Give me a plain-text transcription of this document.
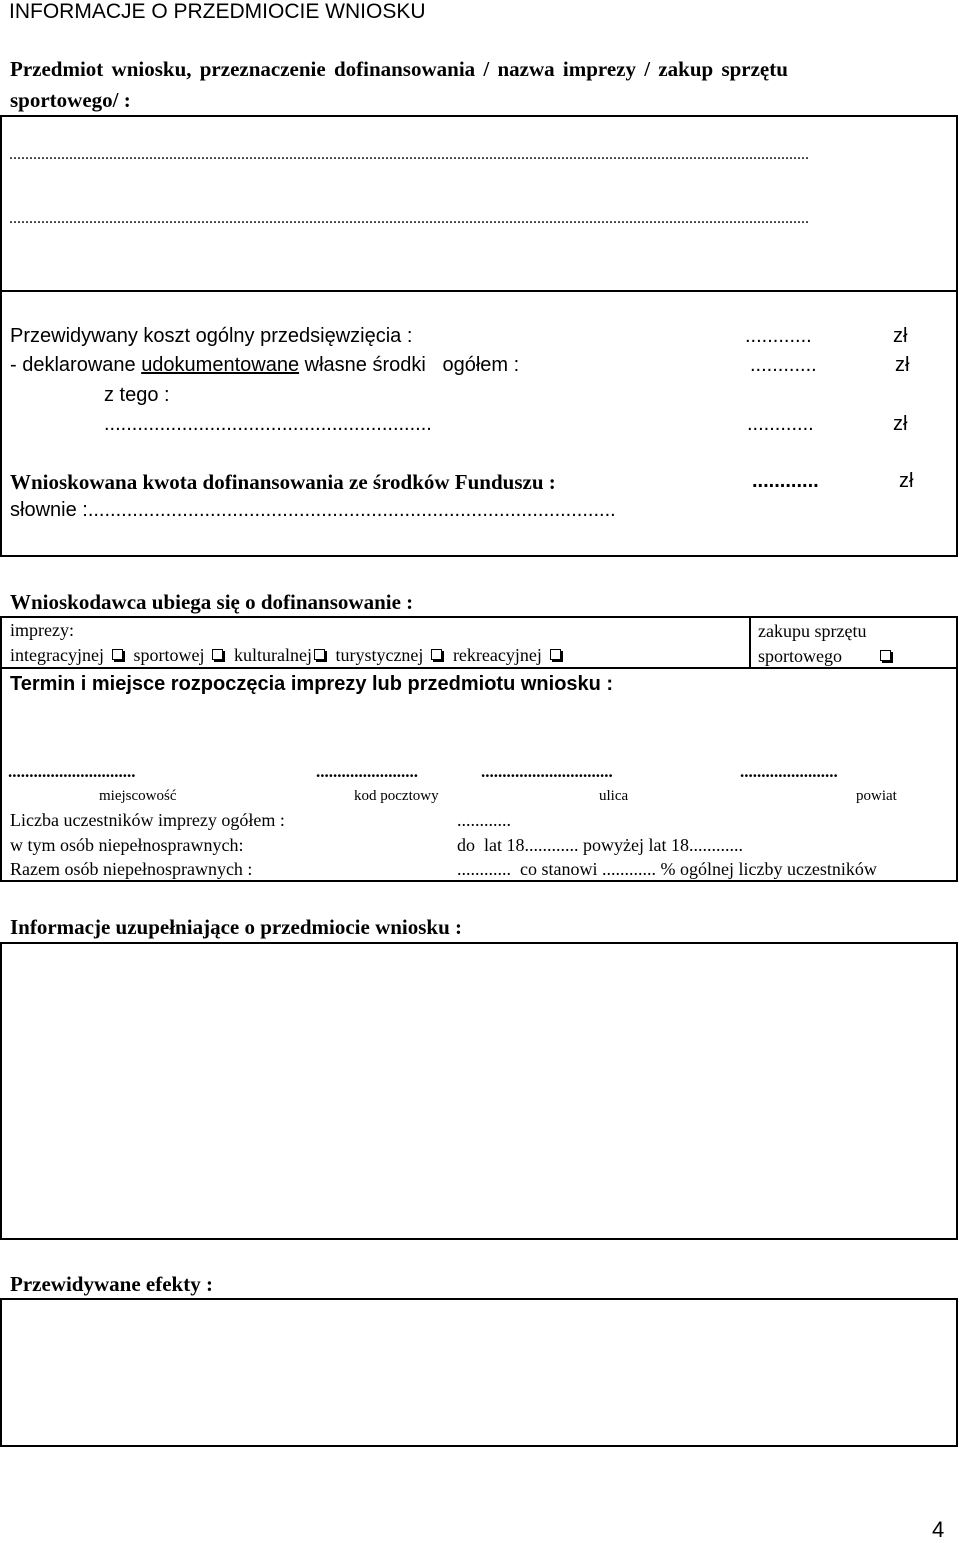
INFORMACJE O PRZEDMIOCIE WNIOSKU
Przedmiot wniosku, przeznaczenie dofinansowania / nazwa imprezy / zakup sprzętu
sportowego/ :
........................................................................................................................................................................................................
........................................................................................................................................................................................................
Przewidywany koszt ogólny przedsięwzięcia :	............	zł
- deklarowane udokumentowane własne środki   ogółem :	............	zł
z tego :
...........................................................	............	zł
Wnioskowana kwota dofinansowania ze środków Funduszu :	............	zł
słownie :...............................................................................................
Wnioskodawca ubiega się o dofinansowanie :
imprezy:
integracyjnej sportowej kulturalnej turystycznej rekreacyjnej
zakupu sprzętu
sportowego
Termin i miejsce rozpoczęcia imprezy lub przedmiotu wniosku :
..............................	........................	...............................	.......................
miejscowość	kod pocztowy	ulica	powiat
Liczba uczestników imprezy ogółem :	............
w tym osób niepełnosprawnych:	do  lat 18............ powyżej lat 18............
Razem osób niepełnosprawnych :	............  co stanowi ............ % ogólnej liczby uczestników
Informacje uzupełniające o przedmiocie wniosku :
Przewidywane efekty :
4
